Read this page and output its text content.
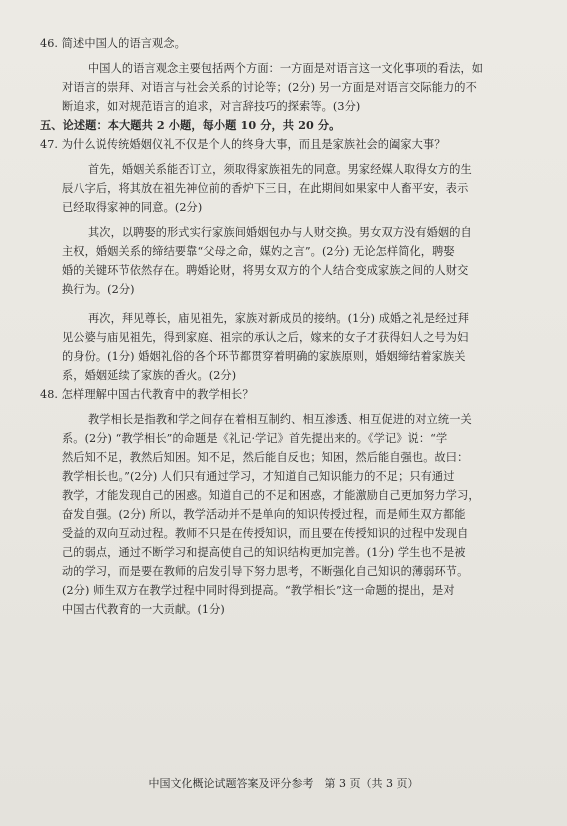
46. 简述中国人的语言观念。
中国人的语言观念主要包括两个方面：一方面是对语言这一文化事项的看法，如
对语言的崇拜、对语言与社会关系的讨论等；(2分) 另一方面是对语言交际能力的不
断追求，如对规范语言的追求，对言辞技巧的探索等。(3分)
五、论述题：本大题共 2 小题，每小题 10 分，共 20 分。
47. 为什么说传统婚姻仪礼不仅是个人的终身大事，而且是家族社会的阖家大事？
首先，婚姻关系能否订立，须取得家族祖先的同意。男家经媒人取得女方的生
辰八字后，将其放在祖先神位前的香炉下三日，在此期间如果家中人畜平安，表示
已经取得家神的同意。(2分)
其次，以聘娶的形式实行家族间婚姻包办与人财交换。男女双方没有婚姻的自
主权，婚姻关系的缔结要靠“父母之命，媒妁之言”。(2分) 无论怎样简化，聘娶
婚的关键环节依然存在。聘婚论财，将男女双方的个人结合变成家族之间的人财交
换行为。(2分)
再次，拜见尊长，庙见祖先，家族对新成员的接纳。(1分) 成婚之礼是经过拜
见公婆与庙见祖先，得到家庭、祖宗的承认之后，嫁来的女子才获得妇人之号为妇
的身份。(1分) 婚姻礼俗的各个环节都贯穿着明确的家族原则，婚姻缔结着家族关
系，婚姻延续了家族的香火。(2分)
48. 怎样理解中国古代教育中的教学相长？
教学相长是指教和学之间存在着相互制约、相互渗透、相互促进的对立统一关
系。(2分) “教学相长”的命题是《礼记·学记》首先提出来的。《学记》说：“学
然后知不足，教然后知困。知不足，然后能自反也；知困，然后能自强也。故曰：
教学相长也。”(2分) 人们只有通过学习，才知道自己知识能力的不足；只有通过
教学，才能发现自己的困惑。知道自己的不足和困惑，才能激励自己更加努力学习，
奋发自强。(2分) 所以，教学活动并不是单向的知识传授过程，而是师生双方都能
受益的双向互动过程。教师不只是在传授知识，而且要在传授知识的过程中发现自
己的弱点，通过不断学习和提高使自己的知识结构更加完善。(1分) 学生也不是被
动的学习，而是要在教师的启发引导下努力思考，不断强化自己知识的薄弱环节。
(2分) 师生双方在教学过程中同时得到提高。“教学相长”这一命题的提出，是对
中国古代教育的一大贡献。(1分)
中国文化概论试题答案及评分参考　第 3 页（共 3 页）
